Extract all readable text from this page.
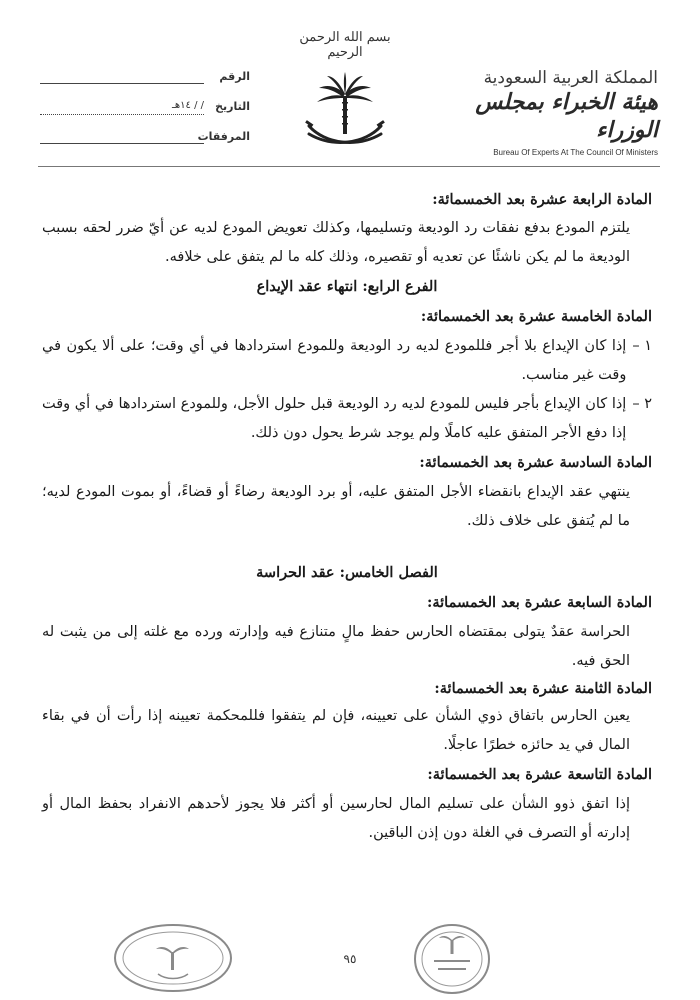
المملكة العربية السعودية
هيئة الخبراء بمجلس الوزراء
Bureau Of Experts At The Council Of Ministers
بسم الله الرحمن الرحيم
الرقم
التاريخ
/ / ١٤هـ
المرفقات

المادة الرابعة عشرة بعد الخمسمائة:

يلتزم المودع بدفع نفقات رد الوديعة وتسليمها، وكذلك تعويض المودع لديه عن أيّ ضرر لحقه بسبب الوديعة ما لم يكن ناشئًا عن تعديه أو تقصيره، وذلك كله ما لم يتفق على خلافه.

الفرع الرابع: انتهاء عقد الإيداع

المادة الخامسة عشرة بعد الخمسمائة:

١ –
إذا كان الإيداع بلا أجر فللمودع لديه رد الوديعة وللمودع استردادها في أي وقت؛ على ألا يكون في وقت غير مناسب.
٢ –
إذا كان الإيداع بأجر فليس للمودع لديه رد الوديعة قبل حلول الأجل، وللمودع استردادها في أي وقت إذا دفع الأجر المتفق عليه كاملًا ولم يوجد شرط يحول دون ذلك.

المادة السادسة عشرة بعد الخمسمائة:

ينتهي عقد الإيداع بانقضاء الأجل المتفق عليه، أو برد الوديعة رضاءً أو قضاءً، أو بموت المودع لديه؛ ما لم يُتفق على خلاف ذلك.

الفصل الخامس: عقد الحراسة

المادة السابعة عشرة بعد الخمسمائة:

الحراسة عقدٌ يتولى بمقتضاه الحارس حفظ مالٍ متنازع فيه وإدارته ورده مع غلته إلى من يثبت له الحق فيه.

المادة الثامنة عشرة بعد الخمسمائة:

يعين الحارس باتفاق ذوي الشأن على تعيينه، فإن لم يتفقوا فللمحكمة تعيينه إذا رأت أن في بقاء المال في يد حائزه خطرًا عاجلًا.

المادة التاسعة عشرة بعد الخمسمائة:

إذا اتفق ذوو الشأن على تسليم المال لحارسين أو أكثر فلا يجوز لأحدهم الانفراد بحفظ المال أو إدارته أو التصرف في الغلة دون إذن الباقين.

٩٥
